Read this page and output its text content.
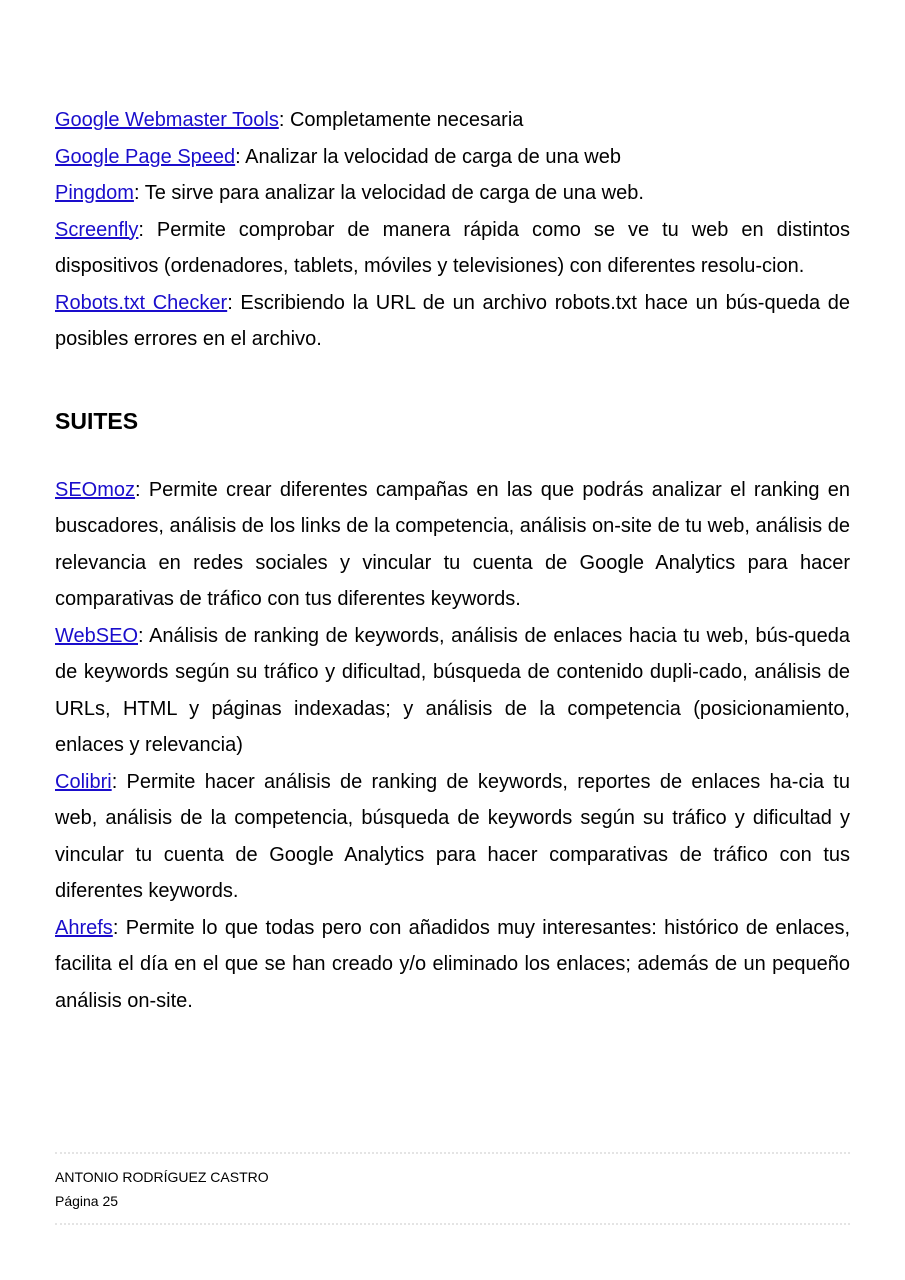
Google Webmaster Tools: Completamente necesaria

Google Page Speed: Analizar la velocidad de carga de una web

Pingdom: Te sirve para analizar la velocidad de carga de una web.

Screenfly: Permite comprobar de manera rápida como se ve tu web en distintos dispositivos (ordenadores, tablets, móviles y televisiones) con diferentes resolu-cion.

Robots.txt Checker: Escribiendo la URL de un archivo robots.txt hace un bús-queda de posibles errores en el archivo.

SUITES

SEOmoz: Permite crear diferentes campañas en las que podrás analizar el ranking en buscadores, análisis de los links de la competencia, análisis on-site de tu web, análisis de relevancia en redes sociales y vincular tu cuenta de Google Analytics para hacer comparativas de tráfico con tus diferentes keywords.

WebSEO: Análisis de ranking de keywords, análisis de enlaces hacia tu web, bús-queda de keywords según su tráfico y dificultad, búsqueda de contenido dupli-cado, análisis de URLs, HTML y páginas indexadas; y análisis de la competencia (posicionamiento, enlaces y relevancia)

Colibri: Permite hacer análisis de ranking de keywords, reportes de enlaces ha-cia tu web, análisis de la competencia, búsqueda de keywords según su tráfico y dificultad y vincular tu cuenta de Google Analytics para hacer comparativas de tráfico con tus diferentes keywords.

Ahrefs: Permite lo que todas pero con añadidos muy interesantes: histórico de enlaces, facilita el día en el que se han creado y/o eliminado los enlaces; además de un pequeño análisis on-site.

ANTONIO RODRÍGUEZ CASTRO
Página 25
